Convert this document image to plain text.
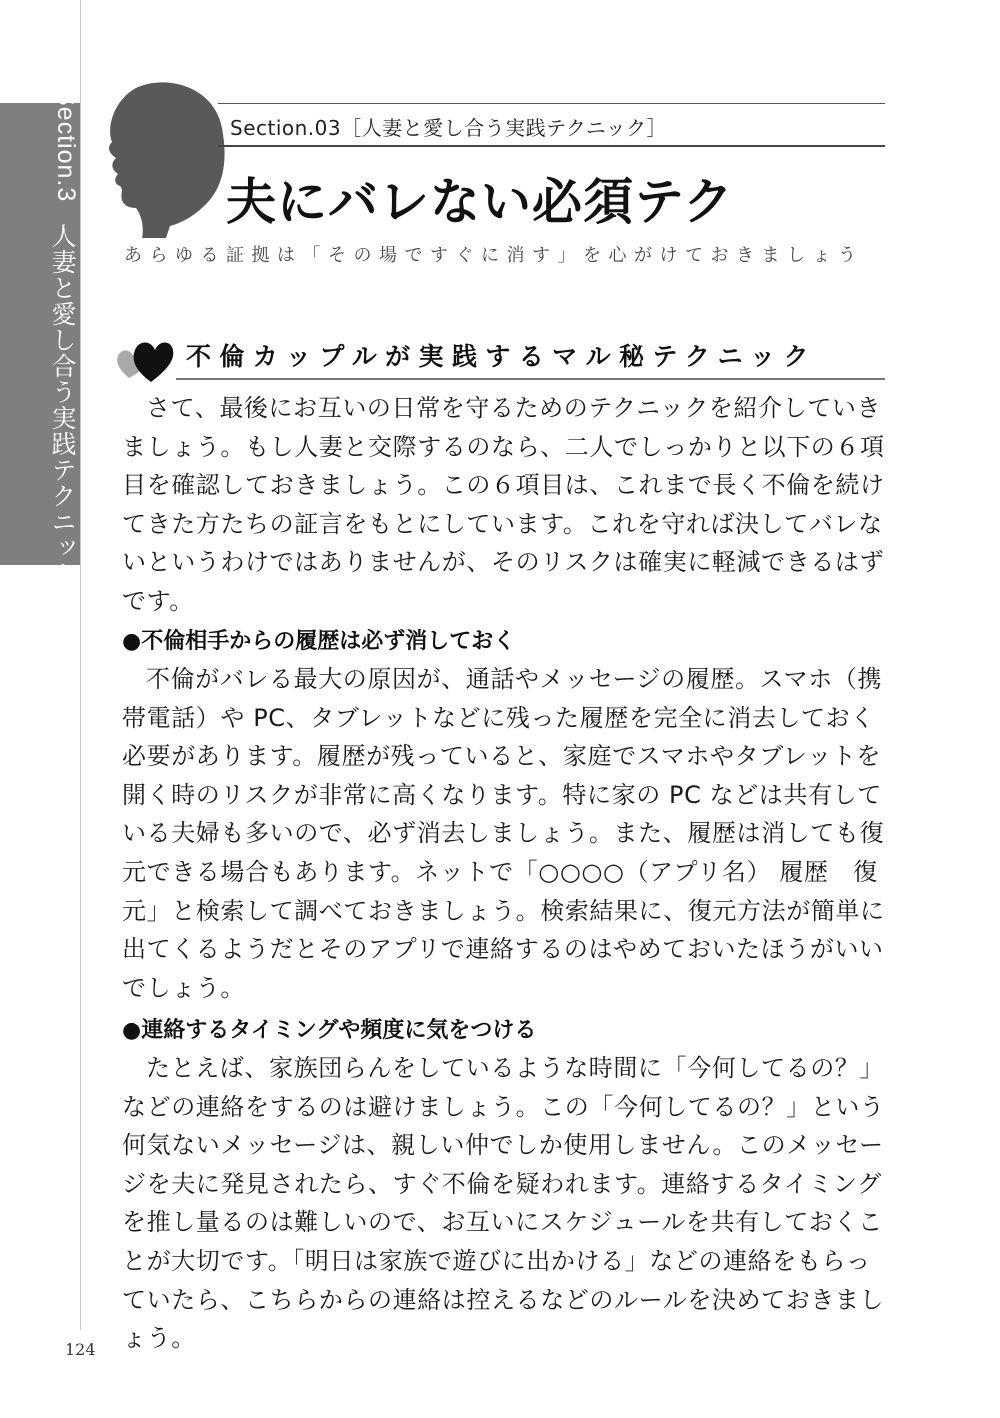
Section.3
人妻と愛し合う実践テクニック
Section.03［人妻と愛し合う実践テクニック］
夫にバレない必須テク
あらゆる証拠は「その場ですぐに消す」を心がけておきましょう
不倫カップルが実践するマル秘テクニック

さて、最後にお互いの日常を守るためのテクニックを紹介していきましょう。もし人妻と交際するのなら、二人でしっかりと以下の６項目を確認しておきましょう。この６項目は、これまで長く不倫を続けてきた方たちの証言をもとにしています。これを守れば決してバレないというわけではありませんが、そのリスクは確実に軽減できるはずです。

●不倫相手からの履歴は必ず消しておく

不倫がバレる最大の原因が、通話やメッセージの履歴。スマホ（携帯電話）や PC、タブレットなどに残った履歴を完全に消去しておく必要があります。履歴が残っていると、家庭でスマホやタブレットを開く時のリスクが非常に高くなります。特に家の PC などは共有している夫婦も多いので、必ず消去しましょう。また、履歴は消しても復元できる場合もあります。ネットで「○○○○（アプリ名） 履歴　復元」と検索して調べておきましょう。検索結果に、復元方法が簡単に出てくるようだとそのアプリで連絡するのはやめておいたほうがいいでしょう。

●連絡するタイミングや頻度に気をつける

たとえば、家族団らんをしているような時間に「今何してるの？」などの連絡をするのは避けましょう。この「今何してるの？」という何気ないメッセージは、親しい仲でしか使用しません。このメッセージを夫に発見されたら、すぐ不倫を疑われます。連絡するタイミングを推し量るのは難しいので、お互いにスケジュールを共有しておくことが大切です。「明日は家族で遊びに出かける」などの連絡をもらっていたら、こちらからの連絡は控えるなどのルールを決めておきましょう。

124
